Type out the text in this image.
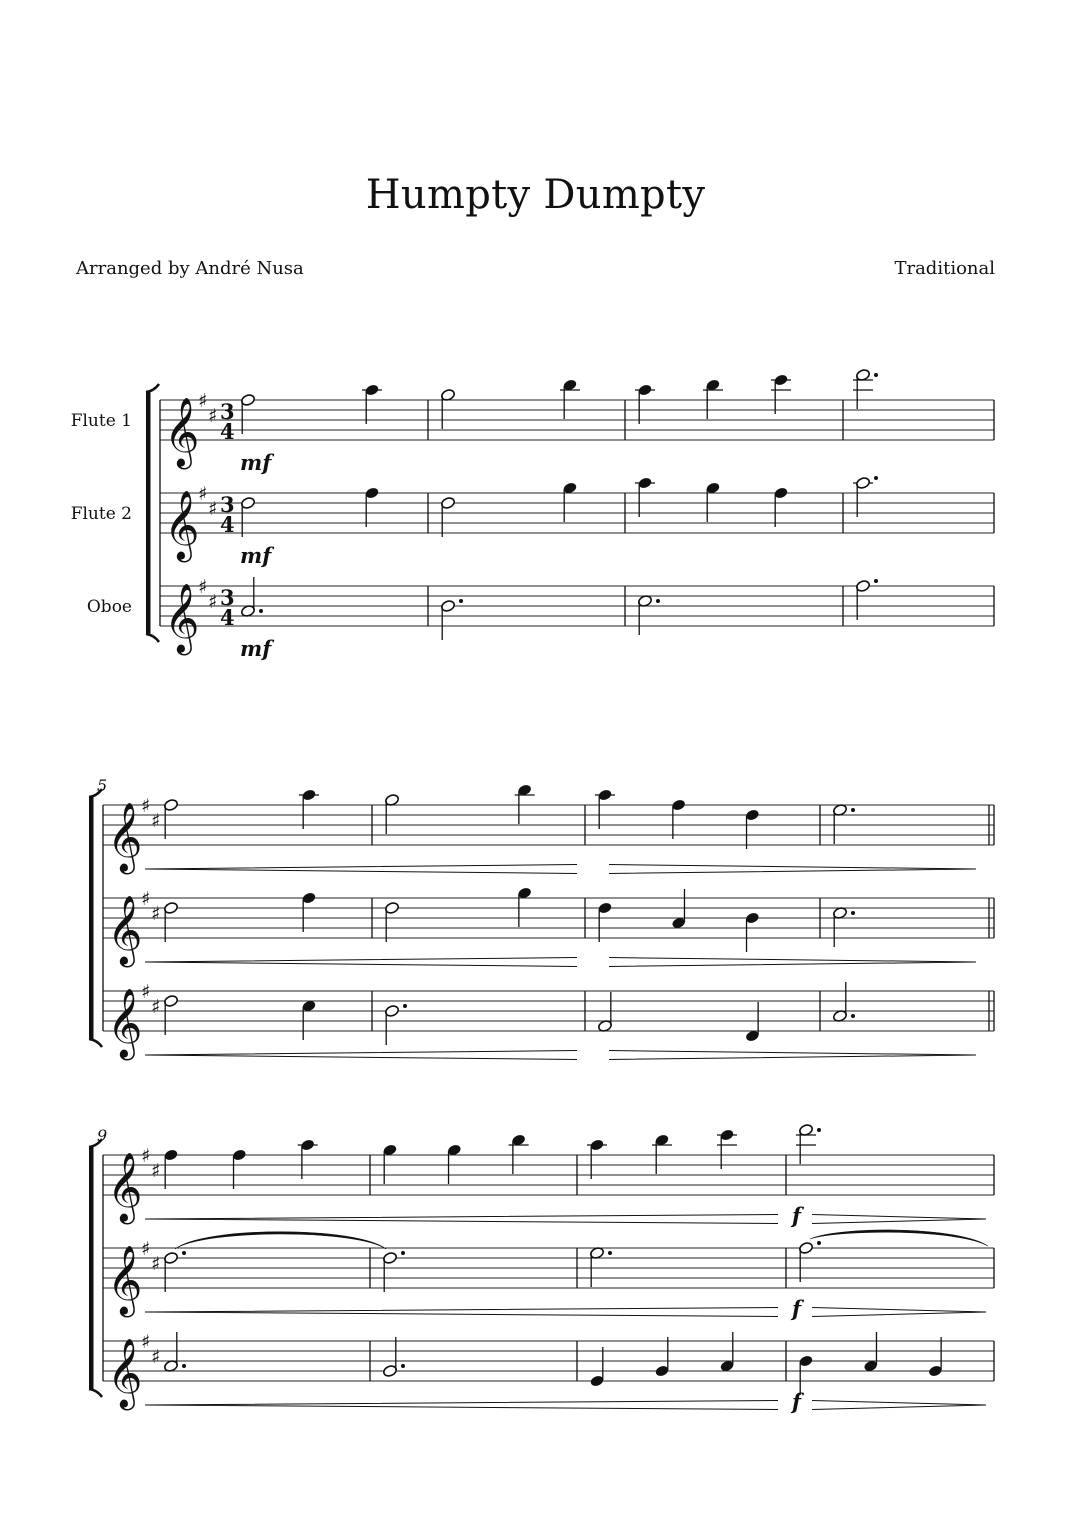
Humpty Dumpty
Arranged by André Nusa	Traditional
Flute 1 𝄞
♯
♯ 3
4
Flute 2 𝄞
♯
♯ 3
4
Oboe 𝄞
♯
♯ 3
4
mf
mf
mf
5
𝄞
♯
♯
𝄞
♯
♯
𝄞
♯
♯
9
𝄞
♯
♯
𝄞
♯
♯
𝄞
♯
♯
f
f
f
